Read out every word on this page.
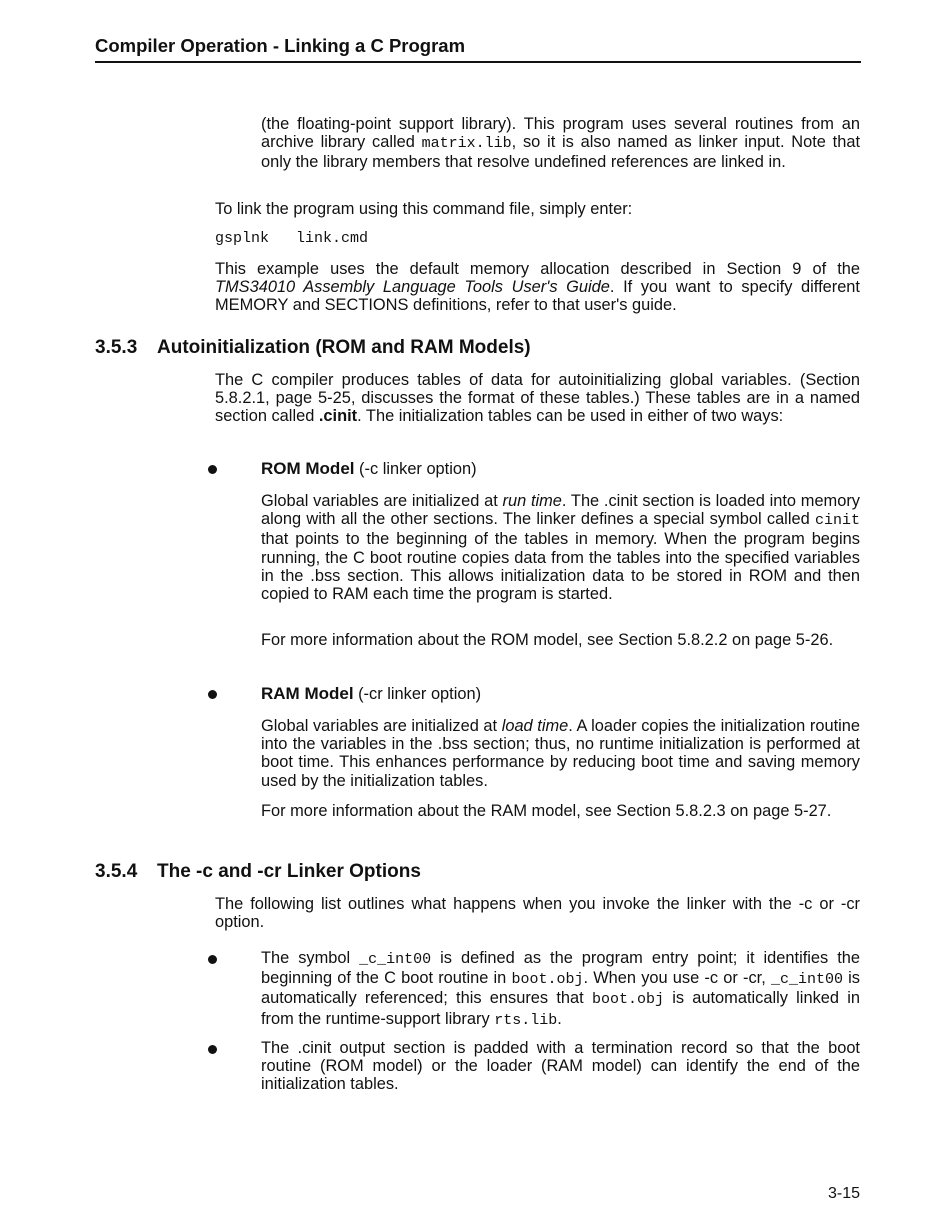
Compiler Operation - Linking a C Program
(the floating-point support library). This program uses several routines from an archive library called matrix.lib, so it is also named as linker input. Note that only the library members that resolve undefined references are linked in.
To link the program using this command file, simply enter:
gsplnk   link.cmd
This example uses the default memory allocation described in Section 9 of the TMS34010 Assembly Language Tools User's Guide. If you want to specify different MEMORY and SECTIONS definitions, refer to that user's guide.
3.5.3 Autoinitialization (ROM and RAM Models)
The C compiler produces tables of data for autoinitializing global variables. (Section 5.8.2.1, page 5-25, discusses the format of these tables.) These tables are in a named section called .cinit. The initialization tables can be used in either of two ways:
ROM Model (-c linker option)
Global variables are initialized at run time. The .cinit section is loaded into memory along with all the other sections. The linker defines a special symbol called cinit that points to the beginning of the tables in memory. When the program begins running, the C boot routine copies data from the tables into the specified variables in the .bss section. This allows initialization data to be stored in ROM and then copied to RAM each time the program is started.
For more information about the ROM model, see Section 5.8.2.2 on page 5-26.
RAM Model (-cr linker option)
Global variables are initialized at load time. A loader copies the initialization routine into the variables in the .bss section; thus, no runtime initialization is performed at boot time. This enhances performance by reducing boot time and saving memory used by the initialization tables.
For more information about the RAM model, see Section 5.8.2.3 on page 5-27.
3.5.4 The -c and -cr Linker Options
The following list outlines what happens when you invoke the linker with the -c or -cr option.
The symbol _c_int00 is defined as the program entry point; it identifies the beginning of the C boot routine in boot.obj. When you use -c or -cr, _c_int00 is automatically referenced; this ensures that boot.obj is automatically linked in from the runtime-support library rts.lib.
The .cinit output section is padded with a termination record so that the boot routine (ROM model) or the loader (RAM model) can identify the end of the initialization tables.
3-15
